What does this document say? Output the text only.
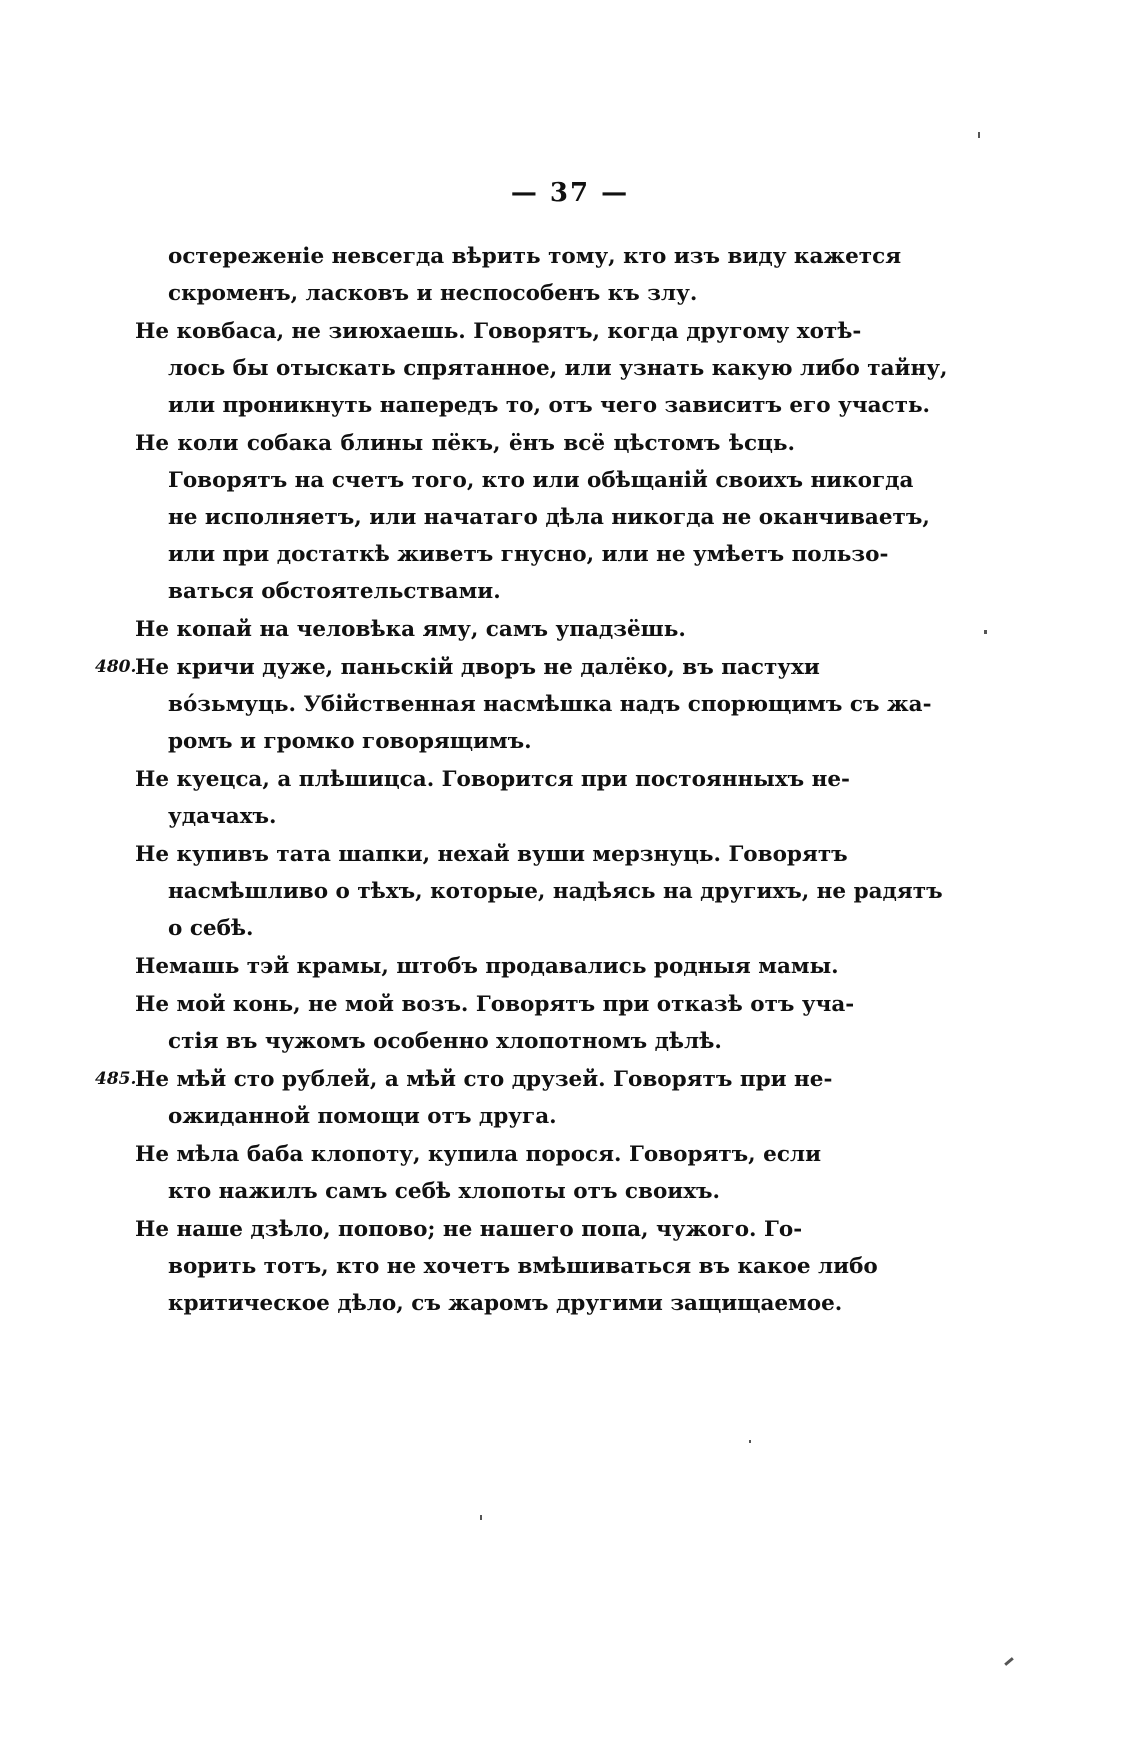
— 37 —
остереженіе невсегда вѣрить тому, кто изъ виду кажется
скроменъ, ласковъ и неспособенъ къ злу.
Не ковбаса, не зиюхаешь. Говорятъ, когда другому хотѣ-
лось бы отыскать спрятанное, или узнать какую либо тайну,
или проникнуть напередъ то, отъ чего зависитъ его участь.
Не коли собака блины пёкъ, ёнъ всё цѣстомъ ѣсць.
Говорятъ на счетъ того, кто или обѣщаній своихъ никогда
не исполняетъ, или начатаго дѣла никогда не оканчиваетъ,
или при достаткѣ живетъ гнусно, или не умѣетъ пользо-
ваться обстоятельствами.
Не копай на человѣка яму, самъ упадзёшь.
480.
Не кричи дуже, паньскій дворъ не далёко, въ пастухи
во́зьмуць. Убійственная насмѣшка надъ спорющимъ съ жа-
ромъ и громко говорящимъ.
Не куецса, а плѣшицса. Говорится при постоянныхъ не-
удачахъ.
Не купивъ тата шапки, нехай вуши мерзнуць. Говорятъ
насмѣшливо о тѣхъ, которые, надѣясь на другихъ, не радятъ
о себѣ.
Немашь тэй крамы, штобъ продавались родныя мамы.
Не мой конь, не мой возъ. Говорятъ при отказѣ отъ уча-
стія въ чужомъ особенно хлопотномъ дѣлѣ.
485.
Не мѣй сто рублей, а мѣй сто друзей. Говорятъ при не-
ожиданной помощи отъ друга.
Не мѣла баба клопоту, купила порося. Говорятъ, если
кто нажилъ самъ себѣ хлопоты отъ своихъ.
Не наше дзѣло, попово; не нашего попа, чужого. Го-
ворить тотъ, кто не хочетъ вмѣшиваться въ какое либо
критическое дѣло, съ жаромъ другими защищаемое.
